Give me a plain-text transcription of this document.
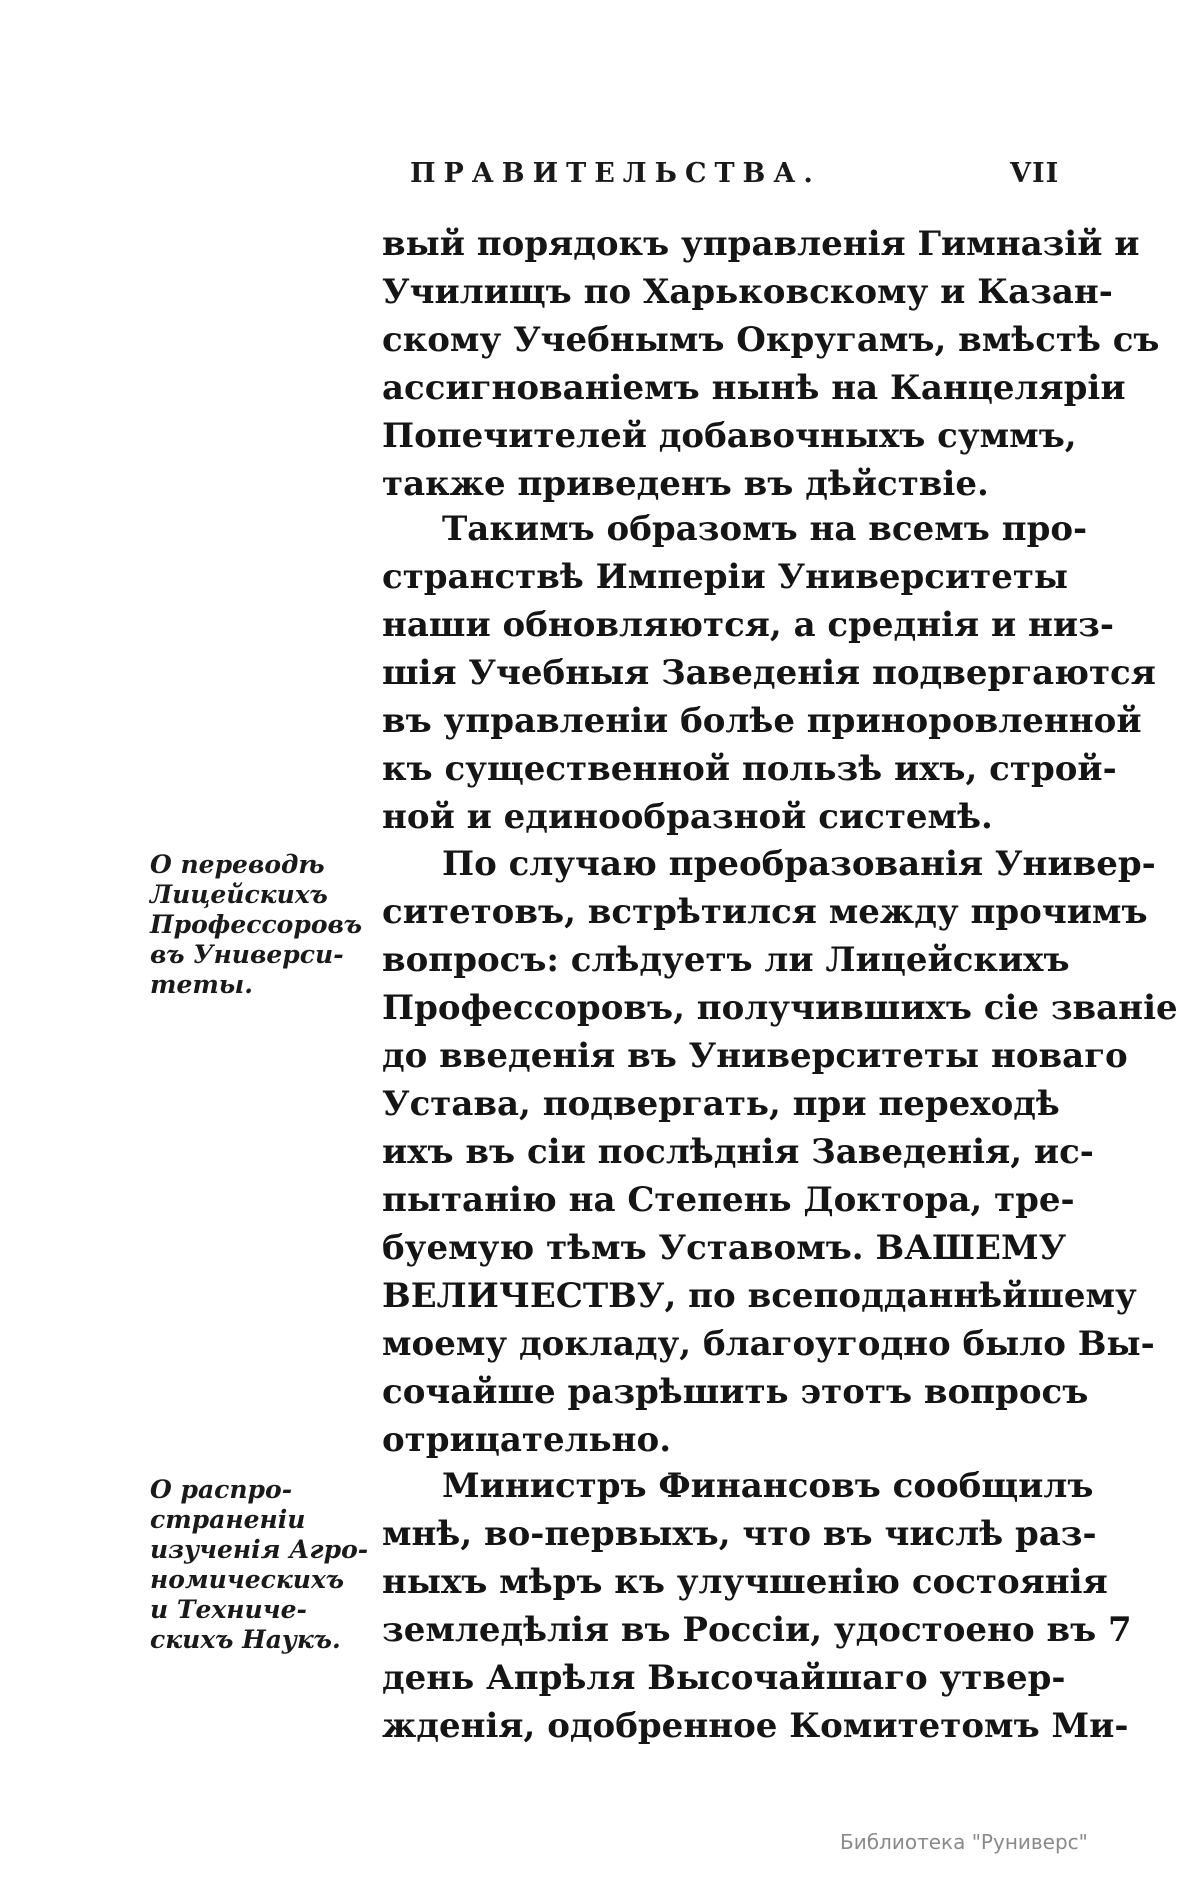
ПРАВИТЕЛЬСТВА.	VII
вый порядокъ управленія Гимназій и
Училищъ по Харьковскому и Казан-
скому Учебнымъ Округамъ, вмѣстѣ съ
ассигнованіемъ нынѣ на Канцеляріи
Попечителей добавочныхъ суммъ,
также приведенъ въ дѣйствіе.
Такимъ образомъ на всемъ про-
странствѣ Имперіи Университеты
наши обновляются, а среднія и низ-
шія Учебныя Заведенія подвергаются
въ управленіи болѣе приноровленной
къ существенной пользѣ ихъ, строй-
ной и единообразной системѣ.
О переводѣ
Лицейскихъ
Профессоровъ
въ Универси-
теты.
По случаю преобразованія Универ-
ситетовъ, встрѣтился между прочимъ
вопросъ: слѣдуетъ ли Лицейскихъ
Профессоровъ, получившихъ сіе званіе
до введенія въ Университеты новаго
Устава, подвергать, при переходѣ
ихъ въ сіи послѣднія Заведенія, ис-
пытанію на Степень Доктора, тре-
буемую тѣмъ Уставомъ. ВАШЕМУ
ВЕЛИЧЕСТВУ, по всеподданнѣйшему
моему докладу, благоугодно было Вы-
сочайше разрѣшить этотъ вопросъ
отрицательно.
О распро-
страненіи
изученія Агро-
номическихъ
и Техниче-
скихъ Наукъ.
Министръ Финансовъ сообщилъ
мнѣ, во-первыхъ, что въ числѣ раз-
ныхъ мѣръ къ улучшенію состоянія
земледѣлія въ Россіи, удостоено въ 7
день Апрѣля Высочайшаго утвер-
жденія, одобренное Комитетомъ Ми-
Библиотека "Руниверс"
